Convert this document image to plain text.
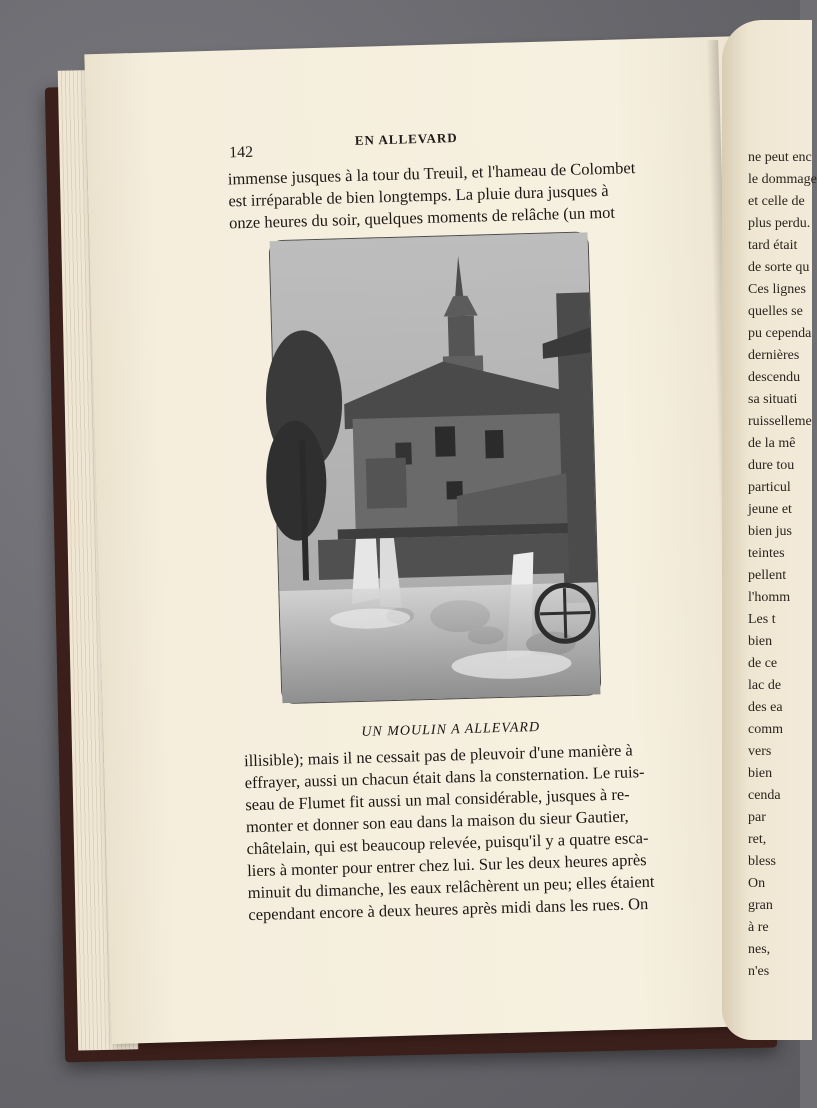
142
EN ALLEVARD
immense jusques à la tour du Treuil, et l'hameau de Colombet
est irréparable de bien longtemps. La pluie dura jusques à
onze heures du soir, quelques moments de relâche (un mot
UN MOULIN A ALLEVARD
illisible); mais il ne cessait pas de pleuvoir d'une manière à
effrayer, aussi un chacun était dans la consternation. Le ruis-
seau de Flumet fit aussi un mal considérable, jusques à re-
monter et donner son eau dans la maison du sieur Gautier,
châtelain, qui est beaucoup relevée, puisqu'il y a quatre esca-
liers à monter pour entrer chez lui. Sur les deux heures après
minuit du dimanche, les eaux relâchèrent un peu; elles étaient
cependant encore à deux heures après midi dans les rues. On
ne peut enc
le dommage
et celle de
plus perdu.
tard était
de sorte qu
Ces lignes
quelles se
pu cependa
dernières
descendu
sa situati
ruisselleme
de la mê
dure tou
particul
jeune et
bien jus
teintes
pellent
l'homm
Les t
bien
de ce
lac de
des ea
comm
vers
bien
cenda
par
ret,
bless
On
gran
à re
nes,
n'es
